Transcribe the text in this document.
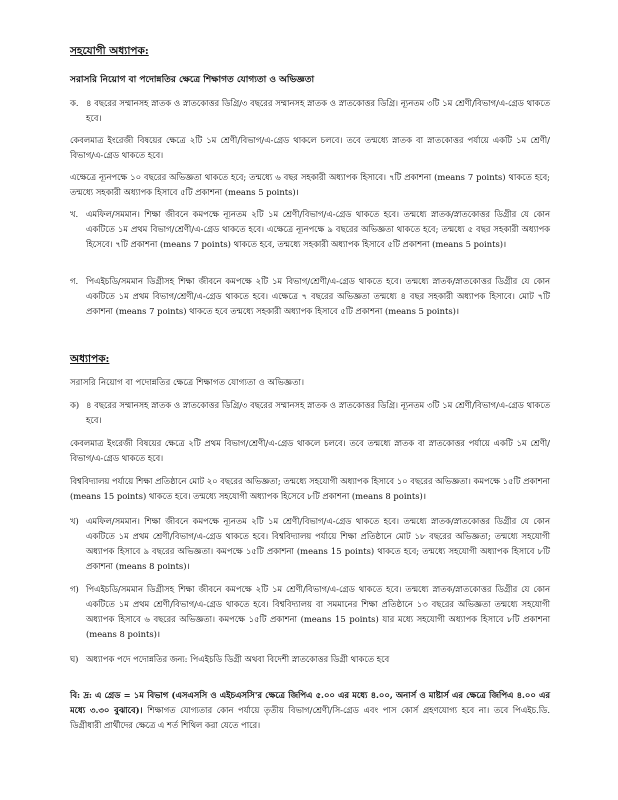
সহযোগী অধ্যাপক:
সরাসরি নিয়োগ বা পদোন্নতির ক্ষেত্রে শিক্ষাগত যোগ্যতা ও অভিজ্ঞতা
ক. ৪ বছরের সম্মানসহ স্নাতক ও স্নাতকোত্তর ডিগ্রি/৩ বছরের সম্মানসহ স্নাতক ও স্নাতকোত্তর ডিগ্রি। ন্যূনতম ৩টি ১ম শ্রেণী/বিভাগ/এ-গ্রেড থাকতে হবে।

কেবলমাত্র ইংরেজী বিষয়ের ক্ষেত্রে ২টি ১ম শ্রেণী/বিভাগ/এ-গ্রেড থাকলে চলবে। তবে তন্মধ্যে স্নাতক বা স্নাতকোত্তর পর্যায়ে একটি ১ম শ্রেণী/বিভাগ/এ-গ্রেড থাকতে হবে।

এক্ষেত্রে ন্যূনপক্ষে ১০ বছরের অভিজ্ঞতা থাকতে হবে; তন্মধ্যে ৬ বছর সহকারী অধ্যাপক হিসাবে। ৭টি প্রকাশনা (means 7 points) থাকতে হবে; তন্মধ্যে সহকারী অধ্যাপক হিসাবে ৫টি প্রকাশনা (means 5 points)।

খ. এমফিল/সমমান। শিক্ষা জীবনে কমপক্ষে ন্যূনতম ২টি ১ম শ্রেণী/বিভাগ/এ-গ্রেড থাকতে হবে। তন্মধ্যে স্নাতক/স্নাতকোত্তর ডিগ্রীর যে কোন একটিতে ১ম প্রথম বিভাগ/শ্রেণী/এ-গ্রেড থাকতে হবে। এক্ষেত্রে ন্যূনপক্ষে ৯ বছরের অভিজ্ঞতা থাকতে হবে; তন্মধ্যে ৫ বছর সহকারী অধ্যাপক হিসেবে। ৭টি প্রকাশনা (means 7 points) থাকতে হবে, তন্মধ্যে সহকারী অধ্যাপক হিসাবে ৫টি প্রকাশনা (means 5 points)।
গ. পিএইচডি/সমমান ডিগ্রীসহ শিক্ষা জীবনে কমপক্ষে ২টি ১ম বিভাগ/শ্রেণী/এ-গ্রেড থাকতে হবে। তন্মধ্যে স্নাতক/স্নাতকোত্তর ডিগ্রীর যে কোন একটিতে ১ম প্রথম বিভাগ/শ্রেণী/এ-গ্রেড থাকতে হবে। এক্ষেত্রে ৭ বছরের অভিজ্ঞতা তন্মধ্যে ৪ বছর সহকারী অধ্যাপক হিসাবে। মোট ৭টি প্রকাশনা (means 7 points) থাকতে হবে তন্মধ্যে সহকারী অধ্যাপক হিসাবে ৫টি প্রকাশনা (means 5 points)।
অধ্যাপক:
সরাসরি নিয়োগ বা পদোন্নতির ক্ষেত্রে শিক্ষাগত যোগ্যতা ও অভিজ্ঞতা।
ক) ৪ বছরের সম্মানসহ স্নাতক ও স্নাতকোত্তর ডিগ্রি/৩ বছরের সম্মানসহ স্নাতক ও স্নাতকোত্তর ডিগ্রি। ন্যূনতম ৩টি ১ম শ্রেণী/বিভাগ/এ-গ্রেড থাকতে হবে।

কেবলমাত্র ইংরেজী বিষয়ের ক্ষেত্রে ২টি প্রথম বিভাগ/শ্রেণী/এ-গ্রেড থাকলে চলবে। তবে তন্মধ্যে স্নাতক বা স্নাতকোত্তর পর্যায়ে একটি ১ম শ্রেণী/বিভাগ/এ-গ্রেড থাকতে হবে।

বিশ্ববিদ্যালয় পর্যায়ে শিক্ষা প্রতিষ্ঠানে মোট ২০ বছরের অভিজ্ঞতা; তন্মধ্যে সহযোগী অধ্যাপক হিসাবে ১০ বছরের অভিজ্ঞতা। কমপক্ষে ১৫টি প্রকাশনা (means 15 points) থাকতে হবে। তন্মধ্যে সহযোগী অধ্যাপক হিসেবে ৮টি প্রকাশনা (means 8 points)।

খ) এমফিল/সমমান। শিক্ষা জীবনে কমপক্ষে ন্যূনতম ২টি ১ম শ্রেণী/বিভাগ/এ-গ্রেড থাকতে হবে। তন্মধ্যে স্নাতক/স্নাতকোত্তর ডিগ্রীর যে কোন একটিতে ১ম প্রথম শ্রেণী/বিভাগ/এ-গ্রেড থাকতে হবে। বিশ্ববিদ্যালয় পর্যায়ে শিক্ষা প্রতিষ্ঠানে মোট ১৮ বছরের অভিজ্ঞতা; তন্মধ্যে সহযোগী অধ্যাপক হিসাবে ৯ বছরের অভিজ্ঞতা। কমপক্ষে ১৫টি প্রকাশনা (means 15 points) থাকতে হবে; তন্মধ্যে সহযোগী অধ্যাপক হিসাবে ৮টি প্রকাশনা (means 8 points)।
গ) পিএইচডি/সমমান ডিগ্রীসহ শিক্ষা জীবনে কমপক্ষে ২টি ১ম শ্রেণী/বিভাগ/এ-গ্রেড থাকতে হবে। তন্মধ্যে স্নাতক/স্নাতকোত্তর ডিগ্রীর যে কোন একটিতে ১ম প্রথম শ্রেণী/বিভাগ/এ-গ্রেড থাকতে হবে। বিশ্ববিদ্যালয় বা সমমানের শিক্ষা প্রতিষ্ঠানে ১৩ বছরের অভিজ্ঞতা তন্মধ্যে সহযোগী অধ্যাপক হিসাবে ৬ বছরের অভিজ্ঞতা। কমপক্ষে ১৫টি প্রকাশনা (means 15 points) যার মধ্যে সহযোগী অধ্যাপক হিসাবে ৮টি প্রকাশনা (means 8 points)।
ঘ) অধ্যাপক পদে পদোন্নতির জন্য: পিএইচডি ডিগ্রী অথবা বিদেশী স্নাতকোত্তর ডিগ্রী থাকতে হবে
বি: দ্র: এ গ্রেড = ১ম বিভাগ (এসএসসি ও এইচএসসি'র ক্ষেত্রে জিপিএ ৫.০০ এর মধ্যে ৪.০০, অনার্স ও মাষ্টার্স এর ক্ষেত্রে জিপিএ ৪.০০ এর মধ্যে ৩.৩০ বুঝাবে)। শিক্ষাগত যোগ্যতার কোন পর্যায়ে তৃতীয় বিভাগ/শ্রেণী/সি-গ্রেড এবং পাস কোর্স গ্রহণযোগ্য হবে না। তবে পিএইচ.ডি. ডিগ্রীধারী প্রার্থীদের ক্ষেত্রে এ শর্ত শিথিল করা যেতে পারে।
